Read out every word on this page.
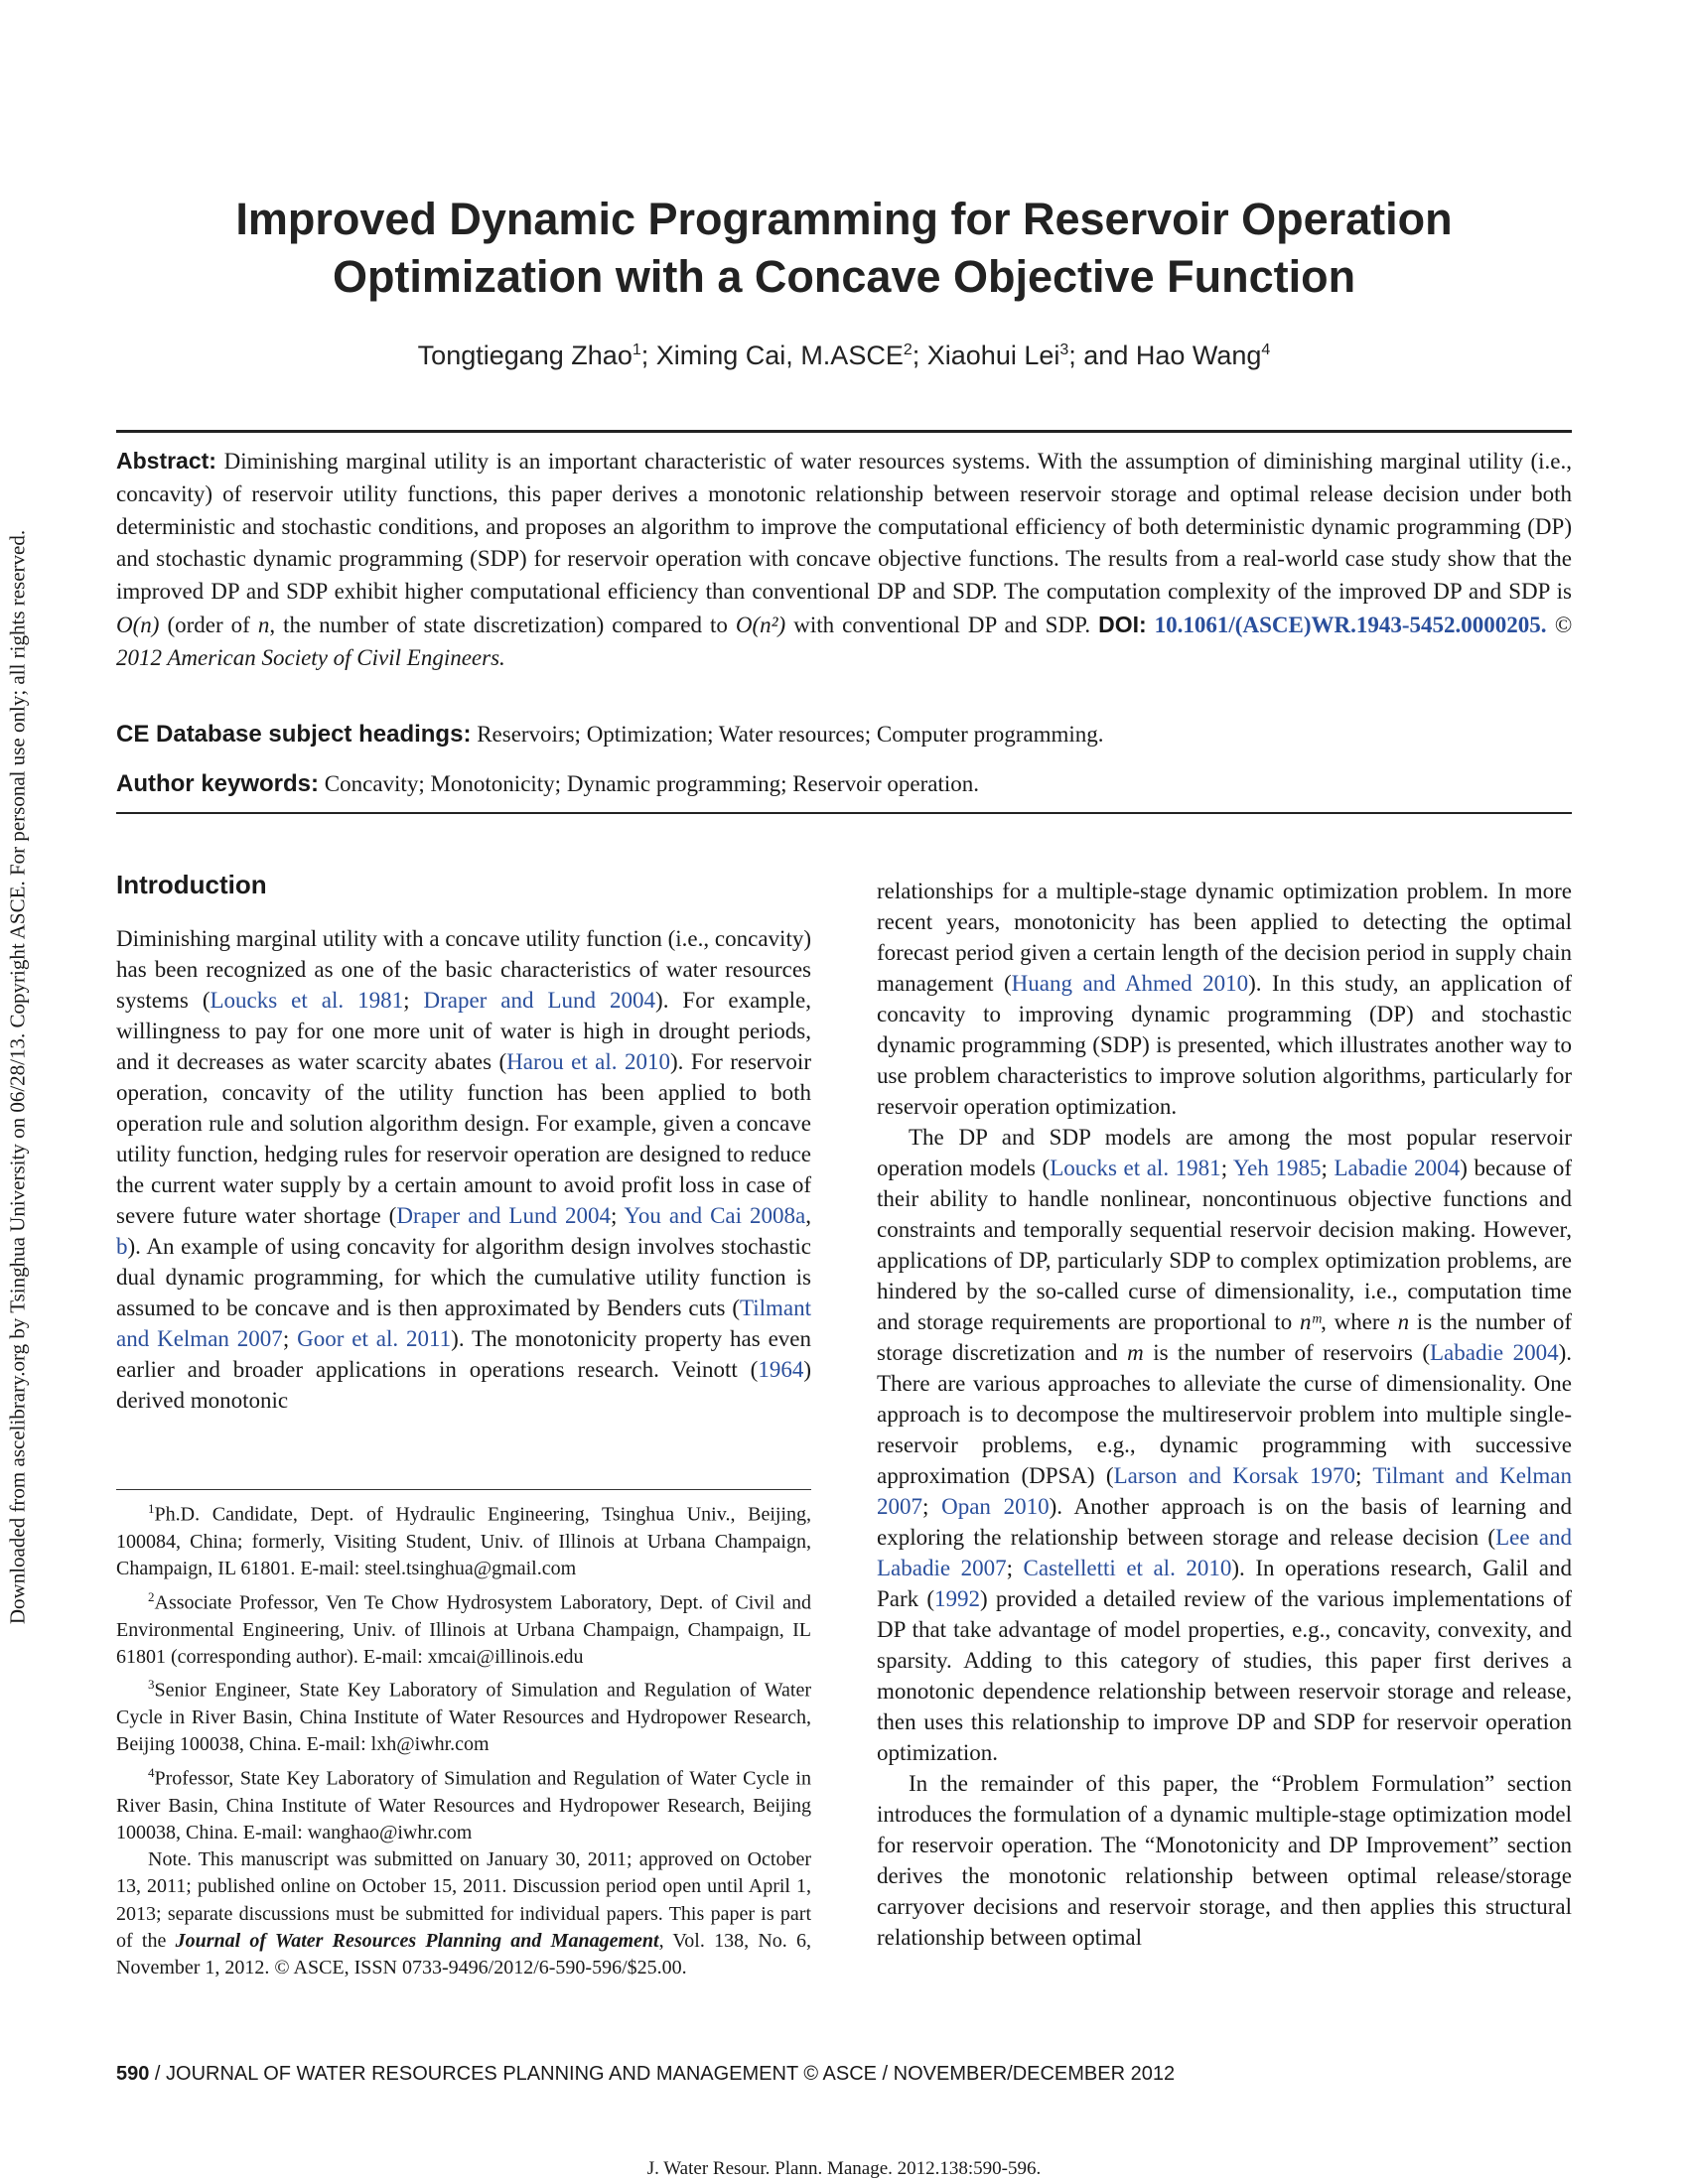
Downloaded from ascelibrary.org by Tsinghua University on 06/28/13. Copyright ASCE. For personal use only; all rights reserved.
Improved Dynamic Programming for Reservoir Operation
Optimization with a Concave Objective Function
Tongtiegang Zhao$^1$; Ximing Cai, M.ASCE$^2$; Xiaohui Lei$^3$; and Hao Wang$^4$
Abstract: Diminishing marginal utility is an important characteristic of water resources systems. With the assumption of diminishing marginal utility (i.e., concavity) of reservoir utility functions, this paper derives a monotonic relationship between reservoir storage and optimal release decision under both deterministic and stochastic conditions, and proposes an algorithm to improve the computational efficiency of both deterministic dynamic programming (DP) and stochastic dynamic programming (SDP) for reservoir operation with concave objective functions. The results from a real-world case study show that the improved DP and SDP exhibit higher computational efficiency than conventional DP and SDP. The computation complexity of the improved DP and SDP is O(n) (order of n, the number of state discretization) compared to O(n²) with conventional DP and SDP. DOI: 10.1061/(ASCE)WR.1943-5452.0000205. © 2012 American Society of Civil Engineers.
CE Database subject headings: Reservoirs; Optimization; Water resources; Computer programming.
Author keywords: Concavity; Monotonicity; Dynamic programming; Reservoir operation.
Introduction

Diminishing marginal utility with a concave utility function (i.e., concavity) has been recognized as one of the basic characteristics of water resources systems (Loucks et al. 1981; Draper and Lund 2004). For example, willingness to pay for one more unit of water is high in drought periods, and it decreases as water scarcity abates (Harou et al. 2010). For reservoir operation, concavity of the utility function has been applied to both operation rule and solution algorithm design. For example, given a concave utility function, hedging rules for reservoir operation are designed to reduce the current water supply by a certain amount to avoid profit loss in case of severe future water shortage (Draper and Lund 2004; You and Cai 2008a, b). An example of using concavity for algorithm design involves stochastic dual dynamic programming, for which the cumulative utility function is assumed to be concave and is then approximated by Benders cuts (Tilmant and Kelman 2007; Goor et al. 2011). The monotonicity property has even earlier and broader applications in operations research. Veinott (1964) derived monotonic

$^1$Ph.D. Candidate, Dept. of Hydraulic Engineering, Tsinghua Univ., Beijing, 100084, China; formerly, Visiting Student, Univ. of Illinois at Urbana Champaign, Champaign, IL 61801. E-mail: steel.tsinghua@gmail.com

$^2$Associate Professor, Ven Te Chow Hydrosystem Laboratory, Dept. of Civil and Environmental Engineering, Univ. of Illinois at Urbana Champaign, Champaign, IL 61801 (corresponding author). E-mail: xmcai@illinois.edu

$^3$Senior Engineer, State Key Laboratory of Simulation and Regulation of Water Cycle in River Basin, China Institute of Water Resources and Hydropower Research, Beijing 100038, China. E-mail: lxh@iwhr.com

$^4$Professor, State Key Laboratory of Simulation and Regulation of Water Cycle in River Basin, China Institute of Water Resources and Hydropower Research, Beijing 100038, China. E-mail: wanghao@iwhr.com

Note. This manuscript was submitted on January 30, 2011; approved on October 13, 2011; published online on October 15, 2011. Discussion period open until April 1, 2013; separate discussions must be submitted for individual papers. This paper is part of the Journal of Water Resources Planning and Management, Vol. 138, No. 6, November 1, 2012. © ASCE, ISSN 0733-9496/2012/6-590-596/$25.00.

relationships for a multiple-stage dynamic optimization problem. In more recent years, monotonicity has been applied to detecting the optimal forecast period given a certain length of the decision period in supply chain management (Huang and Ahmed 2010). In this study, an application of concavity to improving dynamic programming (DP) and stochastic dynamic programming (SDP) is presented, which illustrates another way to use problem characteristics to improve solution algorithms, particularly for reservoir operation optimization.

The DP and SDP models are among the most popular reservoir operation models (Loucks et al. 1981; Yeh 1985; Labadie 2004) because of their ability to handle nonlinear, noncontinuous objective functions and constraints and temporally sequential reservoir decision making. However, applications of DP, particularly SDP to complex optimization problems, are hindered by the so-called curse of dimensionality, i.e., computation time and storage requirements are proportional to nᵐ, where n is the number of storage discretization and m is the number of reservoirs (Labadie 2004). There are various approaches to alleviate the curse of dimensionality. One approach is to decompose the multireservoir problem into multiple single-reservoir problems, e.g., dynamic programming with successive approximation (DPSA) (Larson and Korsak 1970; Tilmant and Kelman 2007; Opan 2010). Another approach is on the basis of learning and exploring the relationship between storage and release decision (Lee and Labadie 2007; Castelletti et al. 2010). In operations research, Galil and Park (1992) provided a detailed review of the various implementations of DP that take advantage of model properties, e.g., concavity, convexity, and sparsity. Adding to this category of studies, this paper first derives a monotonic dependence relationship between reservoir storage and release, then uses this relationship to improve DP and SDP for reservoir operation optimization.

In the remainder of this paper, the “Problem Formulation” section introduces the formulation of a dynamic multiple-stage optimization model for reservoir operation. The “Monotonicity and DP Improvement” section derives the monotonic relationship between optimal release/storage carryover decisions and reservoir storage, and then applies this structural relationship between optimal

590 / JOURNAL OF WATER RESOURCES PLANNING AND MANAGEMENT © ASCE / NOVEMBER/DECEMBER 2012
J. Water Resour. Plann. Manage. 2012.138:590-596.
